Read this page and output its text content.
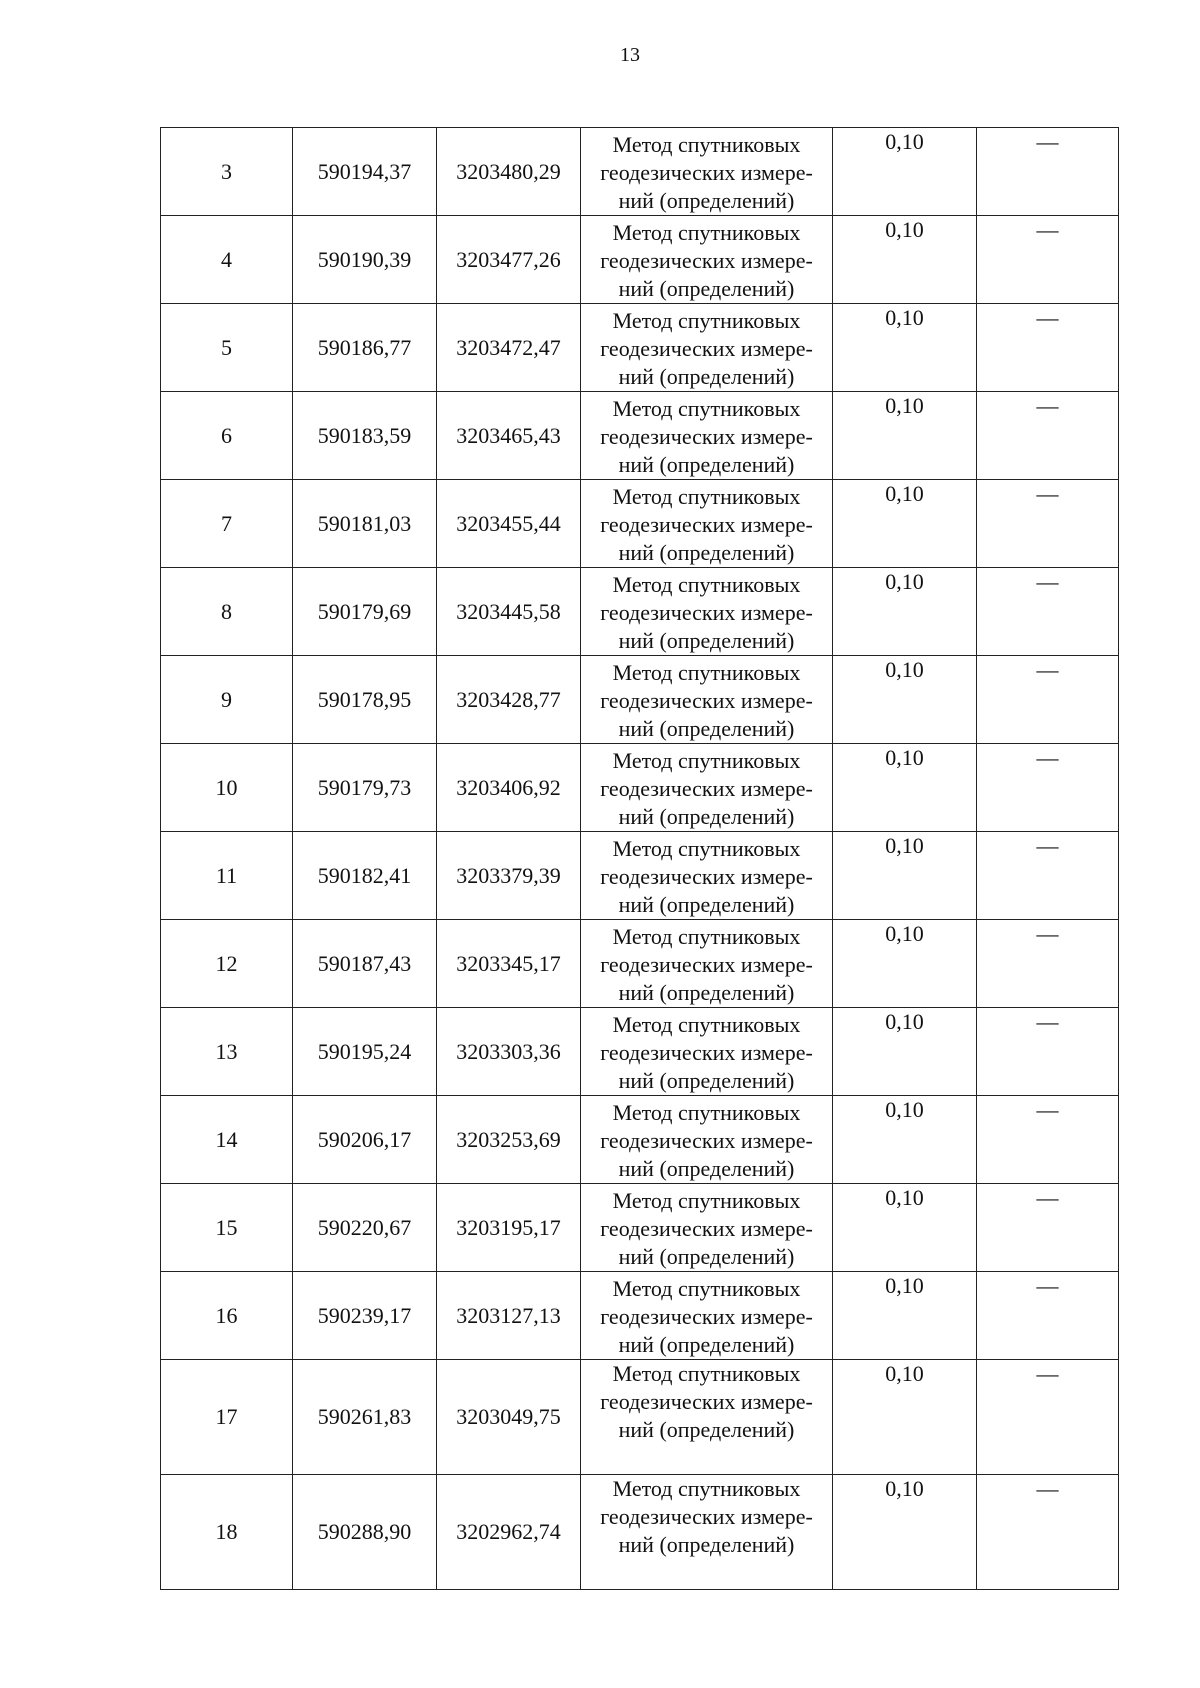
13
3	590194,37	3203480,29	Метод спутниковых
геодезических измере-
ний (определений)	0,10	—
4	590190,39	3203477,26	Метод спутниковых
геодезических измере-
ний (определений)	0,10	—
5	590186,77	3203472,47	Метод спутниковых
геодезических измере-
ний (определений)	0,10	—
6	590183,59	3203465,43	Метод спутниковых
геодезических измере-
ний (определений)	0,10	—
7	590181,03	3203455,44	Метод спутниковых
геодезических измере-
ний (определений)	0,10	—
8	590179,69	3203445,58	Метод спутниковых
геодезических измере-
ний (определений)	0,10	—
9	590178,95	3203428,77	Метод спутниковых
геодезических измере-
ний (определений)	0,10	—
10	590179,73	3203406,92	Метод спутниковых
геодезических измере-
ний (определений)	0,10	—
11	590182,41	3203379,39	Метод спутниковых
геодезических измере-
ний (определений)	0,10	—
12	590187,43	3203345,17	Метод спутниковых
геодезических измере-
ний (определений)	0,10	—
13	590195,24	3203303,36	Метод спутниковых
геодезических измере-
ний (определений)	0,10	—
14	590206,17	3203253,69	Метод спутниковых
геодезических измере-
ний (определений)	0,10	—
15	590220,67	3203195,17	Метод спутниковых
геодезических измере-
ний (определений)	0,10	—
16	590239,17	3203127,13	Метод спутниковых
геодезических измере-
ний (определений)	0,10	—
17	590261,83	3203049,75	Метод спутниковых
геодезических измере-
ний (определений)	0,10	—
18	590288,90	3202962,74	Метод спутниковых
геодезических измере-
ний (определений)	0,10	—
